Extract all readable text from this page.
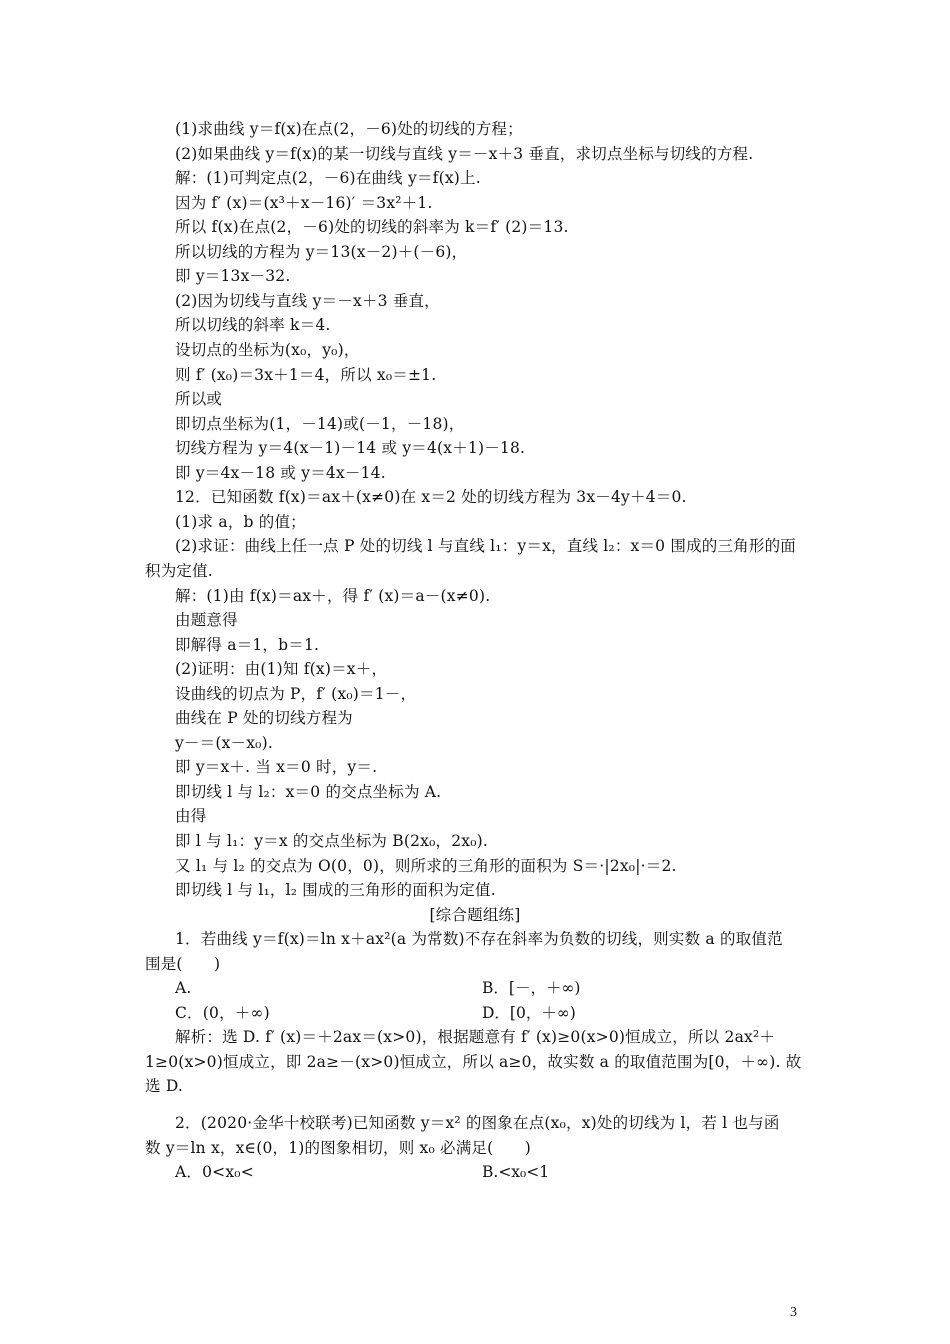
(1)求曲线 y＝f(x)在点(2，－6)处的切线的方程；
(2)如果曲线 y＝f(x)的某一切线与直线 y＝－x＋3 垂直，求切点坐标与切线的方程.
解：(1)可判定点(2，－6)在曲线 y＝f(x)上.
因为 f′ (x)＝(x³＋x－16)′ ＝3x²＋1.
所以 f(x)在点(2，－6)处的切线的斜率为 k＝f′ (2)＝13.
所以切线的方程为 y＝13(x－2)＋(－6)，
即 y＝13x－32.
(2)因为切线与直线 y＝－x＋3 垂直，
所以切线的斜率 k＝4.
设切点的坐标为(x₀，y₀)，
则 f′ (x₀)＝3x＋1＝4，所以 x₀＝±1.
所以或
即切点坐标为(1，－14)或(－1，－18)，
切线方程为 y＝4(x－1)－14 或 y＝4(x＋1)－18.
即 y＝4x－18 或 y＝4x－14.
12．已知函数 f(x)＝ax＋(x≠0)在 x＝2 处的切线方程为 3x－4y＋4＝0.
(1)求 a，b 的值；
(2)求证：曲线上任一点 P 处的切线 l 与直线 l₁：y＝x，直线 l₂：x＝0 围成的三角形的面
积为定值.
解：(1)由 f(x)＝ax＋，得 f′ (x)＝a－(x≠0).
由题意得
即解得 a＝1，b＝1.
(2)证明：由(1)知 f(x)＝x＋，
设曲线的切点为 P，f′ (x₀)＝1－，
曲线在 P 处的切线方程为
y－＝(x－x₀).
即 y＝x＋. 当 x＝0 时，y＝.
即切线 l 与 l₂：x＝0 的交点坐标为 A.
由得
即 l 与 l₁：y＝x 的交点坐标为 B(2x₀，2x₀).
又 l₁ 与 l₂ 的交点为 O(0，0)，则所求的三角形的面积为 S＝·|2x₀|·＝2.
即切线 l 与 l₁，l₂ 围成的三角形的面积为定值.
[综合题组练]
1．若曲线 y＝f(x)＝ln x＋ax²(a 为常数)不存在斜率为负数的切线，则实数 a 的取值范
围是(　　)
A.	B．[－，＋∞)
C．(0，＋∞)	D．[0，＋∞)
解析：选 D. f′ (x)＝＋2ax＝(x>0)，根据题意有 f′ (x)≥0(x>0)恒成立，所以 2ax²＋
1≥0(x>0)恒成立，即 2a≥－(x>0)恒成立，所以 a≥0，故实数 a 的取值范围为[0，＋∞). 故
选 D.
2．(2020·金华十校联考)已知函数 y＝x² 的图象在点(x₀，x)处的切线为 l，若 l 也与函
数 y＝ln x，x∈(0，1)的图象相切，则 x₀ 必满足(　　)
A．0<x₀<	B.<x₀<1
3
